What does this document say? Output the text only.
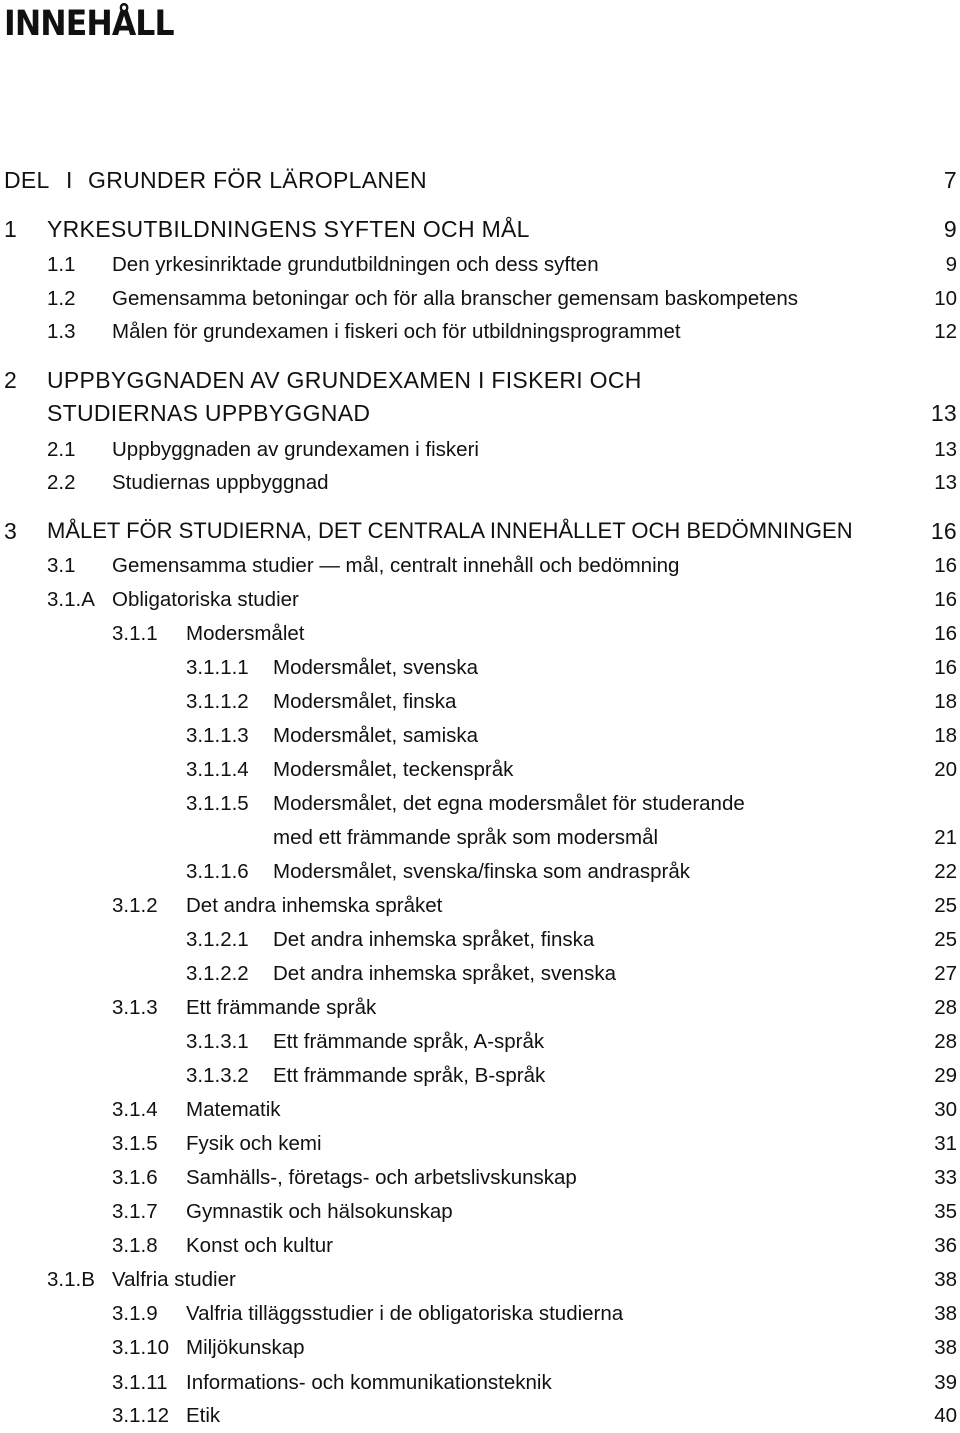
INNEHÅLL
DEL I GRUNDER FÖR LÄROPLANEN	7
1 YRKESUTBILDNINGENS SYFTEN OCH MÅL	9
1.1 Den yrkesinriktade grundutbildningen och dess syften	9
1.2 Gemensamma betoningar och för alla branscher gemensam baskompetens	10
1.3 Målen för grundexamen i fiskeri och för utbildningsprogrammet	12
2 UPPBYGGNADEN AV GRUNDEXAMEN I FISKERI OCH
STUDIERNAS UPPBYGGNAD	13
2.1 Uppbyggnaden av grundexamen i fiskeri	13
2.2 Studiernas uppbyggnad	13
3 MÅLET FÖR STUDIERNA, DET CENTRALA INNEHÅLLET OCH BEDÖMNINGEN	16
3.1 Gemensamma studier — mål, centralt innehåll och bedömning	16
3.1.A Obligatoriska studier	16
3.1.1 Modersmålet	16
3.1.1.1 Modersmålet, svenska	16
3.1.1.2 Modersmålet, finska	18
3.1.1.3 Modersmålet, samiska	18
3.1.1.4 Modersmålet, teckenspråk	20
3.1.1.5 Modersmålet, det egna modersmålet för studerande
med ett främmande språk som modersmål	21
3.1.1.6 Modersmålet, svenska/finska som andraspråk	22
3.1.2 Det andra inhemska språket	25
3.1.2.1 Det andra inhemska språket, finska	25
3.1.2.2 Det andra inhemska språket, svenska	27
3.1.3 Ett främmande språk	28
3.1.3.1 Ett främmande språk, A-språk	28
3.1.3.2 Ett främmande språk, B-språk	29
3.1.4 Matematik	30
3.1.5 Fysik och kemi	31
3.1.6 Samhälls-, företags- och arbetslivskunskap	33
3.1.7 Gymnastik och hälsokunskap	35
3.1.8 Konst och kultur	36
3.1.B Valfria studier	38
3.1.9 Valfria tilläggsstudier i de obligatoriska studierna	38
3.1.10 Miljökunskap	38
3.1.11 Informations- och kommunikationsteknik	39
3.1.12 Etik	40
